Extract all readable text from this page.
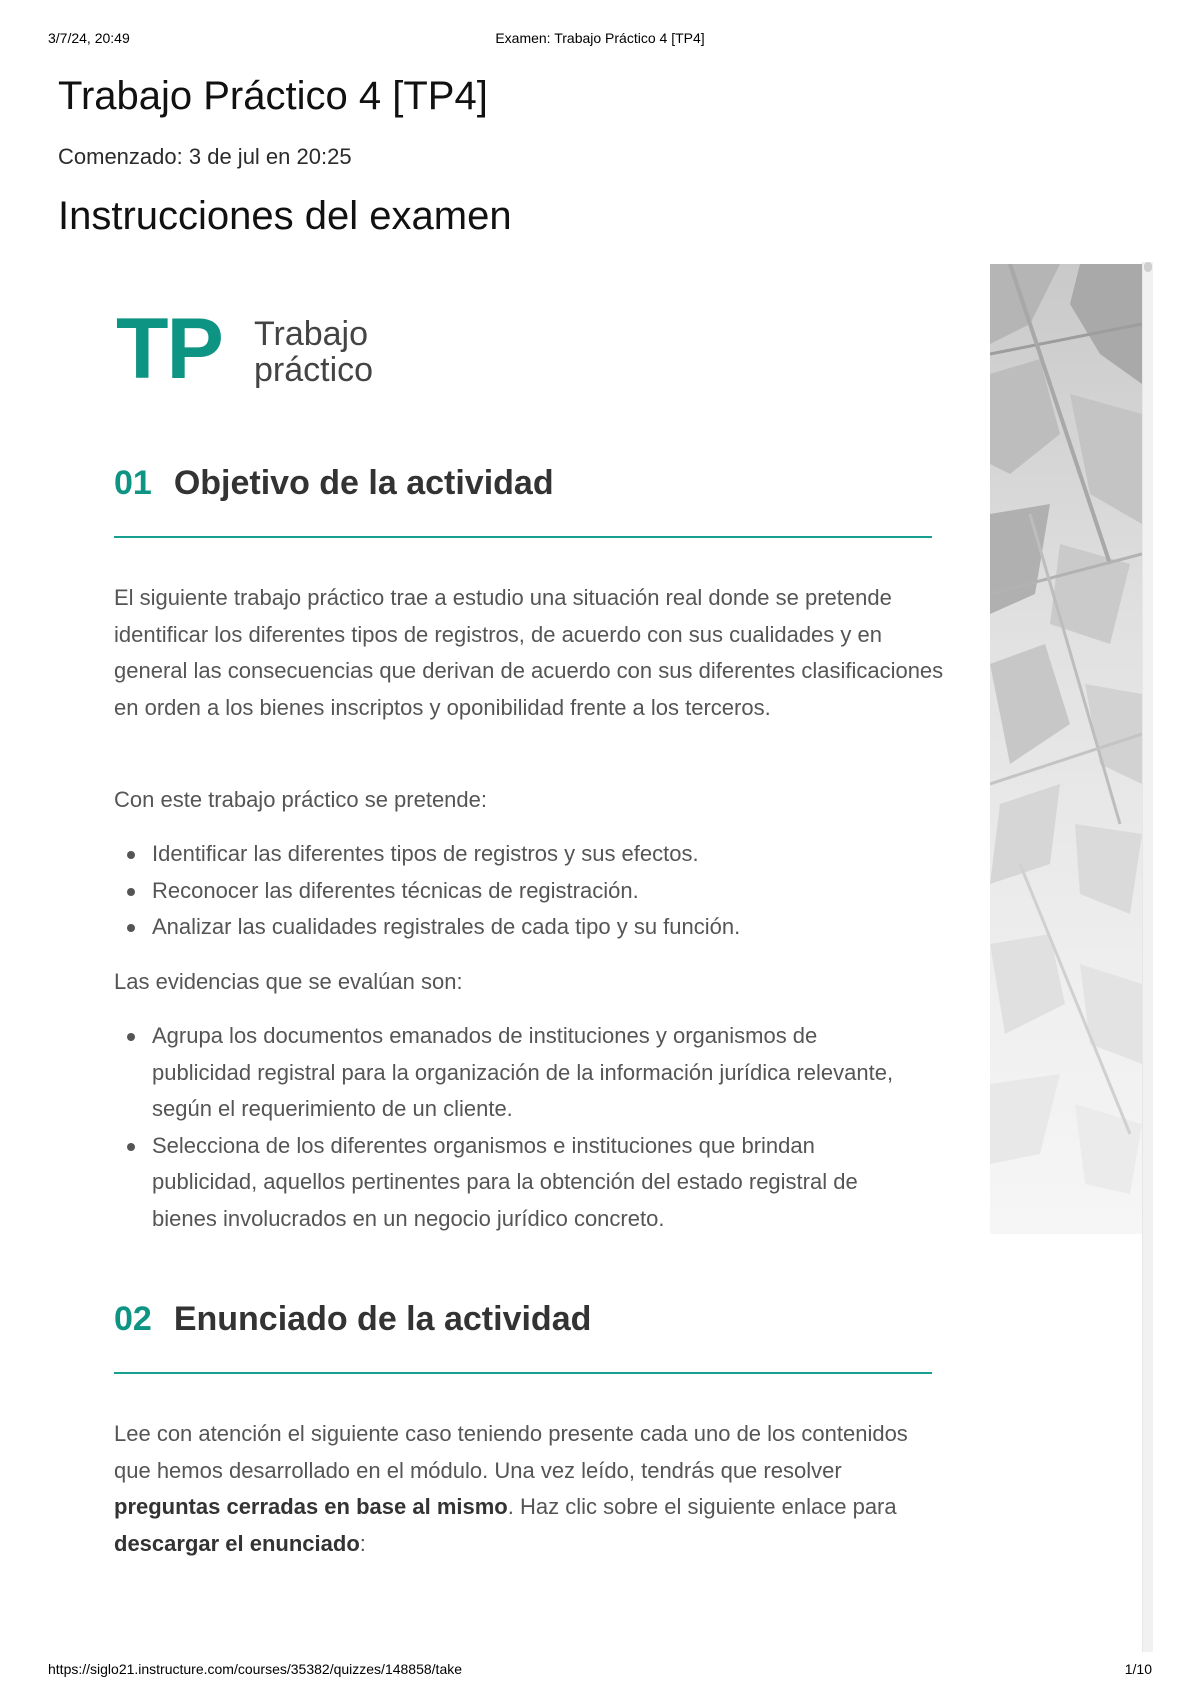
3/7/24, 20:49	Examen: Trabajo Práctico 4 [TP4]
Trabajo Práctico 4 [TP4]
Comenzado: 3 de jul en 20:25
Instrucciones del examen
TP Trabajo
práctico
01 Objetivo de la actividad

El siguiente trabajo práctico trae a estudio una situación real donde se pretende identificar los diferentes tipos de registros, de acuerdo con sus cualidades y en general las consecuencias que derivan de acuerdo con sus diferentes clasificaciones en orden a los bienes inscriptos y oponibilidad frente a los terceros.

Con este trabajo práctico se pretende:

Identificar las diferentes tipos de registros y sus efectos.
Reconocer las diferentes técnicas de registración.
Analizar las cualidades registrales de cada tipo y su función.

Las evidencias que se evalúan son:

Agrupa los documentos emanados de instituciones y organismos de publicidad registral para la organización de la información jurídica relevante, según el requerimiento de un cliente.
Selecciona de los diferentes organismos e instituciones que brindan publicidad, aquellos pertinentes para la obtención del estado registral de bienes involucrados en un negocio jurídico concreto.
02 Enunciado de la actividad

Lee con atención el siguiente caso teniendo presente cada uno de los contenidos que hemos desarrollado en el módulo. Una vez leído, tendrás que resolver preguntas cerradas en base al mismo. Haz clic sobre el siguiente enlace para descargar el enunciado:

https://siglo21.instructure.com/courses/35382/quizzes/148858/take	1/10
